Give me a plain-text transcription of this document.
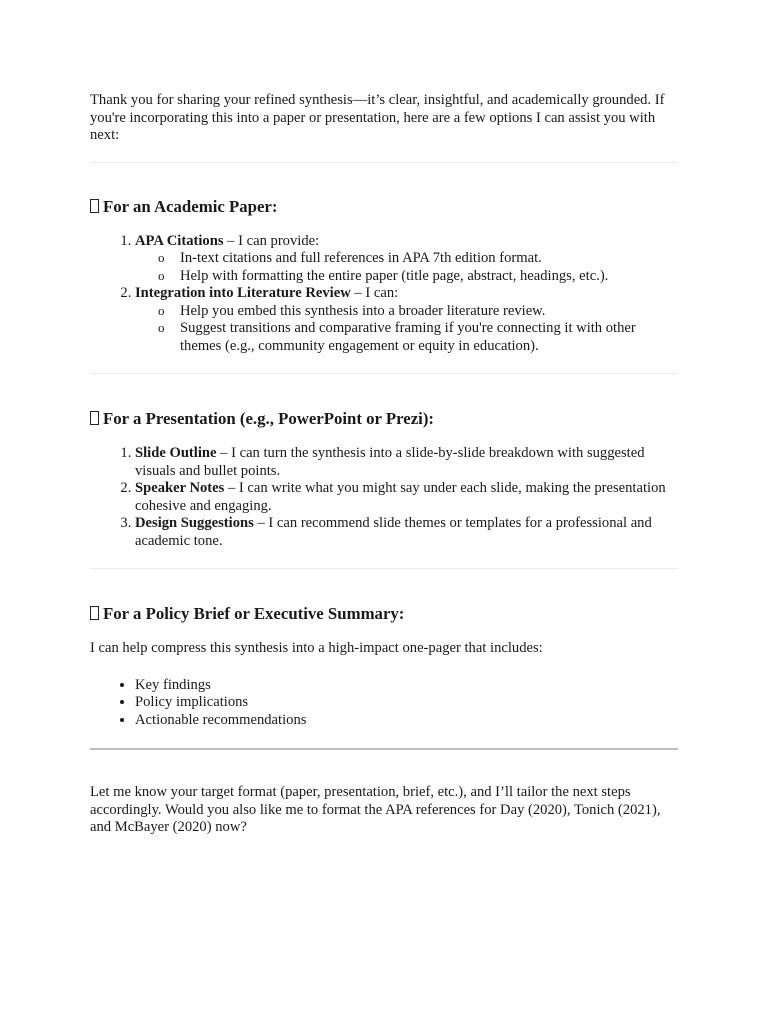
Thank you for sharing your refined synthesis—it’s clear, insightful, and academically grounded. If you're incorporating this into a paper or presentation, here are a few options I can assist you with next:

For an Academic Paper:
1. APA Citations – I can provide:
o In-text citations and full references in APA 7th edition format.
o Help with formatting the entire paper (title page, abstract, headings, etc.).
2. Integration into Literature Review – I can:
o Help you embed this synthesis into a broader literature review.
o Suggest transitions and comparative framing if you're connecting it with other themes (e.g., community engagement or equity in education).
For a Presentation (e.g., PowerPoint or Prezi):
1. Slide Outline – I can turn the synthesis into a slide-by-slide breakdown with suggested visuals and bullet points.
2. Speaker Notes – I can write what you might say under each slide, making the presentation cohesive and engaging.
3. Design Suggestions – I can recommend slide themes or templates for a professional and academic tone.
For a Policy Brief or Executive Summary:

I can help compress this synthesis into a high-impact one-pager that includes:

• Key findings
• Policy implications
• Actionable recommendations

Let me know your target format (paper, presentation, brief, etc.), and I’ll tailor the next steps accordingly. Would you also like me to format the APA references for Day (2020), Tonich (2021), and McBayer (2020) now?
